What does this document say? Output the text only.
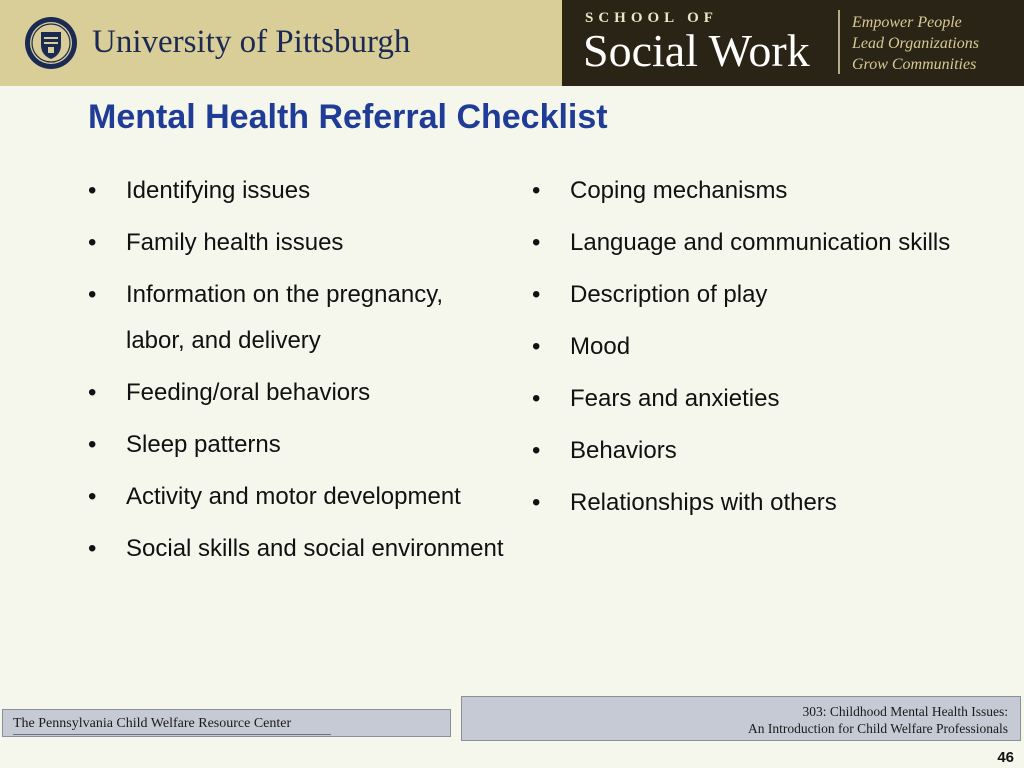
University of Pittsburgh
SCHOOL OF
Social Work
Empower People
Lead Organizations
Grow Communities
Mental Health Referral Checklist
• Identifying issues
• Family health issues
• Information on the pregnancy, labor, and delivery
• Feeding/oral behaviors
• Sleep patterns
• Activity and motor development
• Social skills and social environment
• Coping mechanisms
• Language and communication skills
• Description of play
• Mood
• Fears and anxieties
• Behaviors
• Relationships with others
The Pennsylvania Child Welfare Resource Center
303: Childhood Mental Health Issues:
An Introduction for Child Welfare Professionals
46
